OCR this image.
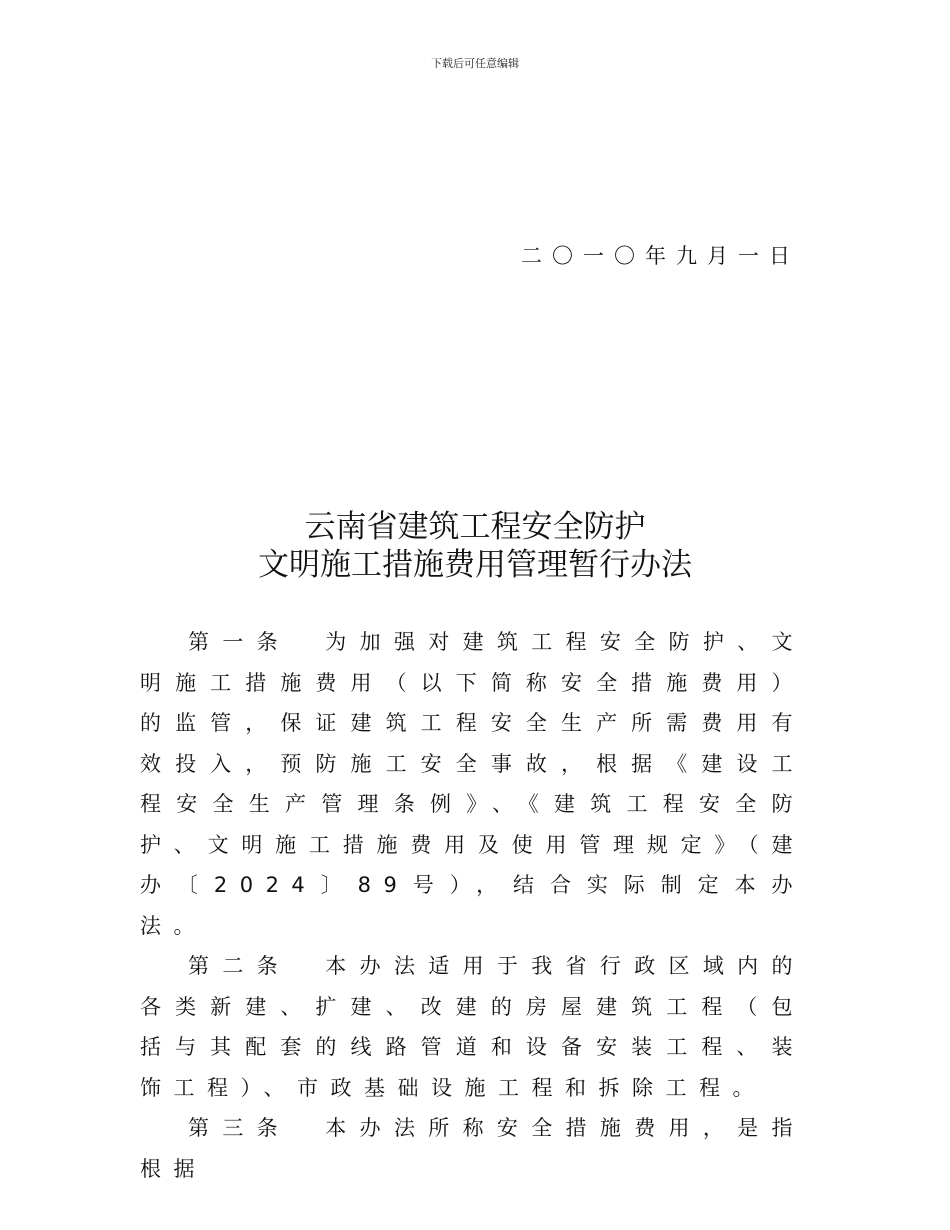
下载后可任意编辑
二〇一〇年九月一日
云南省建筑工程安全防护
文明施工措施费用管理暂行办法

第一条　为加强对建筑工程安全防护、文明施工措施费用（以下简称安全措施费用）的监管，保证建筑工程安全生产所需费用有效投入，预防施工安全事故，根据《建设工程安全生产管理条例》、《建筑工程安全防护、文明施工措施费用及使用管理规定》（建办〔2024〕89号），结合实际制定本办法。

第二条　本办法适用于我省行政区域内的各类新建、扩建、改建的房屋建筑工程（包括与其配套的线路管道和设备安装工程、装饰工程）、市政基础设施工程和拆除工程。

第三条　本办法所称安全措施费用，是指根据
